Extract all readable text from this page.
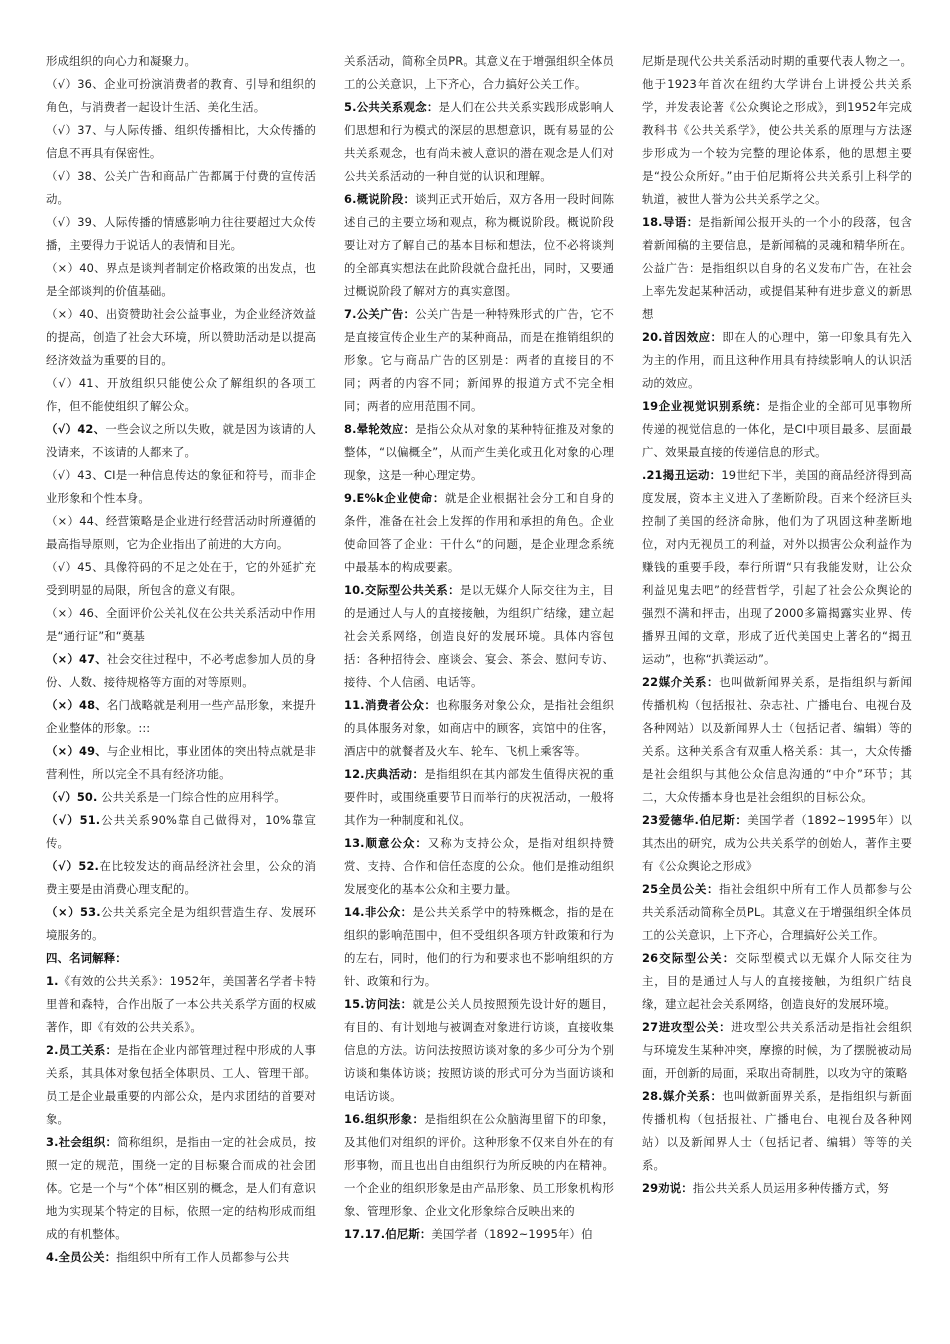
形成组织的向心力和凝聚力。

（√）36、企业可扮演消费者的教育、引导和组织的角色，与消费者一起设计生活、美化生活。

（√）37、与人际传播、组织传播相比，大众传播的信息不再具有保密性。

（√）38、公关广告和商品广告都属于付费的宣传活动。

（√）39、人际传播的情感影响力往往要超过大众传播，主要得力于说话人的表情和目光。

（×）40、界点是谈判者制定价格政策的出发点，也是全部谈判的价值基础。

（×）40、出资赞助社会公益事业，为企业经济效益的提高，创造了社会大环境，所以赞助活动是以提高经济效益为重要的目的。

（√）41、开放组织只能使公众了解组织的各项工作，但不能使组织了解公众。

（√）42、一些会议之所以失败，就是因为该请的人没请来，不该请的人都来了。

（√）43、CI是一种信息传达的象征和符号，而非企业形象和个性本身。

（×）44、经营策略是企业进行经营活动时所遵循的最高指导原则，它为企业指出了前进的大方向。

（√）45、具像符码的不足之处在于，它的外延扩充受到明显的局限，所包含的意义有限。

（×）46、全面评价公关礼仪在公共关系活动中作用是“通行证”和“奠基

（×）47、社会交往过程中，不必考虑参加人员的身份、人数、接待规格等方面的对等原则。

（×）48、名门战略就是利用一些产品形象，来提升企业整体的形象。:::

（×）49、与企业相比，事业团体的突出特点就是非营利性，所以完全不具有经济功能。

（√）50. 公共关系是一门综合性的应用科学。

（√）51.公共关系90%靠自己做得对，10%靠宣传。

（√）52.在比较发达的商品经济社会里，公众的消费主要是由消费心理支配的。

（×）53.公共关系完全是为组织营造生存、发展环境服务的。

四、名词解释：

1.《有效的公共关系》：1952年，美国著名学者卡特里普和森特，合作出版了一本公共关系学方面的权威著作，即《有效的公共关系》。

2.员工关系：是指在企业内部管理过程中形成的人事关系，其具体对象包括全体职员、工人、管理干部。员工是企业最重要的内部公众，是内求团结的首要对象。

3.社会组织：简称组织，是指由一定的社会成员，按照一定的规范，围绕一定的目标聚合而成的社会团体。它是一个与“个体”相区别的概念，是人们有意识地为实现某个特定的目标，依照一定的结构形成而组成的有机整体。

4.全员公关：指组织中所有工作人员都参与公共

关系活动，简称全员PR。其意义在于增强组织全体员工的公关意识，上下齐心，合力搞好公关工作。

5.公共关系观念：是人们在公共关系实践形成影响人们思想和行为模式的深层的思想意识，既有易显的公共关系观念，也有尚未被人意识的潜在观念是人们对公共关系活动的一种自觉的认识和理解。

6.概说阶段：谈判正式开始后，双方各用一段时间陈述自己的主要立场和观点，称为概说阶段。概说阶段要让对方了解自己的基本目标和想法，位不必将谈判的全部真实想法在此阶段就合盘托出，同时，又要通过概说阶段了解对方的真实意图。

7.公关广告：公关广告是一种特殊形式的广告，它不是直接宣传企业生产的某种商品，而是在推销组织的形象。它与商品广告的区别是：两者的直接目的不同；两者的内容不同；新闻界的报道方式不完全相同；两者的应用范围不同。

8.晕轮效应：是指公众从对象的某种特征推及对象的整体，“以偏概全”，从而产生美化或丑化对象的心理现象，这是一种心理定势。

9.E%k企业使命：就是企业根据社会分工和自身的条件，准备在社会上发挥的作用和承担的角色。企业使命回答了企业：干什么“的问题，是企业理念系统中最基本的构成要素。

10.交际型公共关系：是以无媒介人际交往为主，目的是通过人与人的直接接触，为组织广结缘，建立起社会关系网络，创造良好的发展环境。具体内容包括：各种招待会、座谈会、宴会、茶会、慰问专访、接待、个人信函、电话等。

11.消费者公众：也称服务对象公众，是指社会组织的具体服务对象，如商店中的顾客，宾馆中的住客，酒店中的就餐者及火车、轮车、飞机上乘客等。

12.庆典活动：是指组织在其内部发生值得庆祝的重要件时，或围绕重要节日而举行的庆祝活动，一般将其作为一种制度和礼仪。

13.顺意公众：又称为支持公众，是指对组织持赞赏、支持、合作和信任态度的公众。他们是推动组织发展变化的基本公众和主要力量。

14.非公众：是公共关系学中的特殊概念，指的是在组织的影响范围中，但不受组织各项方针政策和行为的左右，同时，他们的行为和要求也不影响组织的方针、政策和行为。

15.访问法：就是公关人员按照预先设计好的题目，有目的、有计划地与被调查对象进行访谈，直接收集信息的方法。访问法按照访谈对象的多少可分为个别访谈和集体访谈；按照访谈的形式可分为当面访谈和电话访谈。

16.组织形象：是指组织在公众脑海里留下的印象，及其他们对组织的评价。这种形象不仅来自外在的有形事物，而且也出自由组织行为所反映的内在精神。一个企业的组织形象是由产品形象、员工形象机构形象、管理形象、企业文化形象综合反映出来的

17.17.伯尼斯：美国学者（1892~1995年）伯

尼斯是现代公共关系活动时期的重要代表人物之一。他于1923年首次在纽约大学讲台上讲授公共关系学，并发表论著《公众舆论之形成》，到1952年完成教科书《公共关系学》，使公共关系的原理与方法逐步形成为一个较为完整的理论体系，他的思想主要是“投公众所好。”由于伯尼斯将公共关系引上科学的轨道，被世人誉为公共关系学之父。

18.导语：是指新闻公报开头的一个小的段落，包含着新闻稿的主要信息，是新闻稿的灵魂和精华所在。公益广告：是指组织以自身的名义发布广告，在社会上率先发起某种活动，或提倡某种有进步意义的新思想

20.首因效应：即在人的心理中，第一印象具有先入为主的作用，而且这种作用具有持续影响人的认识活动的效应。

19企业视觉识别系统：是指企业的全部可见事物所传递的视觉信息的一体化，是CI中项目最多、层面最广、效果最直接的传递信息的形式。

.21揭丑运动：19世纪下半，美国的商品经济得到高度发展，资本主义进入了垄断阶段。百来个经济巨头控制了美国的经济命脉，他们为了巩固这种垄断地位，对内无视员工的利益，对外以损害公众利益作为赚钱的重要手段，奉行所谓“只有我能发财，让公众利益见鬼去吧”的经营哲学，引起了社会公众舆论的强烈不满和抨击，出现了2000多篇揭露实业界、传播界丑闻的文章，形成了近代美国史上著名的“揭丑运动”，也称“扒粪运动”。

22媒介关系：也叫做新闻界关系，是指组织与新闻传播机构（包括报社、杂志社、广播电台、电视台及各种网站）以及新闻界人士（包括记者、编辑）等的关系。这种关系含有双重人格关系：其一，大众传播是社会组织与其他公众信息沟通的“中介”环节；其二，大众传播本身也是社会组织的目标公众。

23爱德华.伯尼斯：美国学者（1892~1995年）以其杰出的研究，成为公共关系学的创始人，著作主要有《公众舆论之形成》

25全员公关：指社会组织中所有工作人员都参与公共关系活动简称全员PL。其意义在于增强组织全体员工的公关意识，上下齐心，合理搞好公关工作。

26交际型公关：交际型模式以无媒介人际交往为主，目的是通过人与人的直接接触，为组织广结良缘，建立起社会关系网络，创造良好的发展环境。

27进攻型公关：进攻型公共关系活动是指社会组织与环境发生某种冲突，摩擦的时候，为了摆脱被动局面，开创新的局面，采取出奇制胜，以攻为守的策略

28.媒介关系：也叫做新面界关系，是指组织与新面传播机构（包括报社、广播电台、电视台及各种网站）以及新闻界人士（包括记者、编辑）等等的关系。

29劝说：指公共关系人员运用多种传播方式，努
